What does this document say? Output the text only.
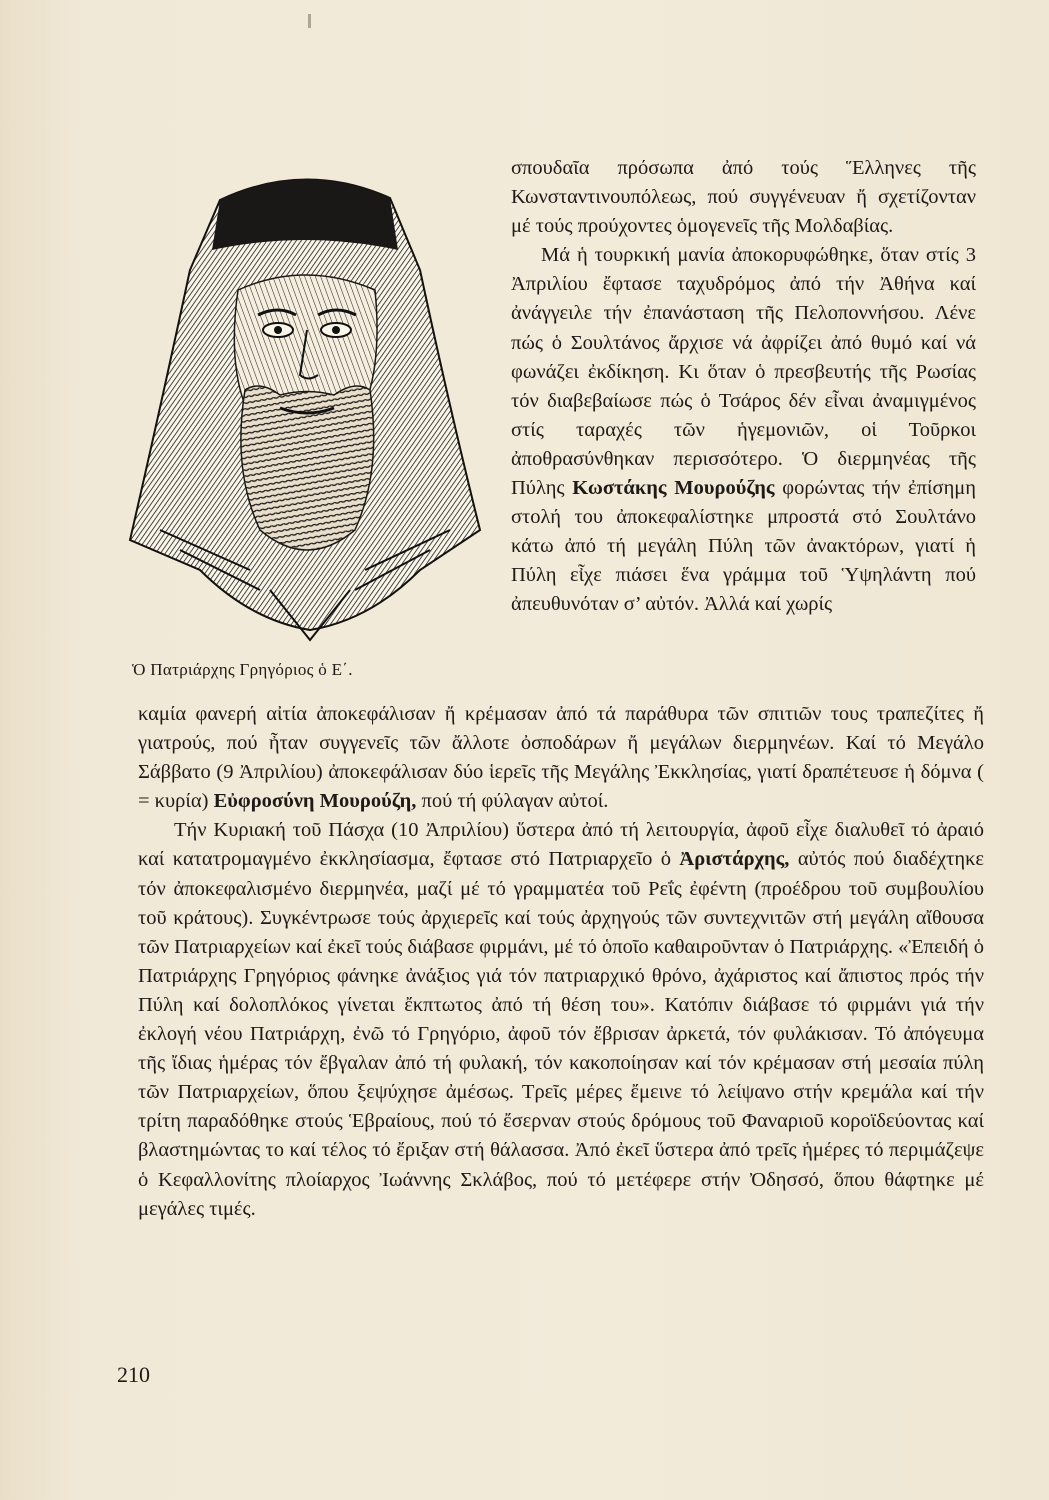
Ὁ Πατριάρχης Γρηγόριος ὁ Ε΄.

σπουδαῖα πρόσωπα ἀπό τούς Ἕλληνες τῆς Κωνσταντινουπόλεως, πού συγγένευαν ἤ σχετίζονταν μέ τούς προύχοντες ὁμογενεῖς τῆς Μολδαβίας.

Μά ἡ τουρκική μανία ἀποκορυφώθηκε, ὅταν στίς 3 Ἀπριλίου ἔφτασε ταχυδρόμος ἀπό τήν Ἀθήνα καί ἀνάγγειλε τήν ἐπανάσταση τῆς Πελοποννήσου. Λένε πώς ὁ Σουλτάνος ἄρχισε νά ἀφρίζει ἀπό θυμό καί νά φωνάζει ἐκδίκηση. Κι ὅταν ὁ πρεσβευτής τῆς Ρωσίας τόν διαβεβαίωσε πώς ὁ Τσάρος δέν εἶναι ἀναμιγμένος στίς ταραχές τῶν ἡγεμονιῶν, οἱ Τοῦρκοι ἀποθρασύνθηκαν περισσότερο. Ὁ διερμηνέας τῆς Πύλης Κωστάκης Μουρούζης φορώντας τήν ἐπίσημη στολή του ἀποκεφαλίστηκε μπροστά στό Σουλτάνο κάτω ἀπό τή μεγάλη Πύλη τῶν ἀνακτόρων, γιατί ἡ Πύλη εἶχε πιάσει ἕνα γράμμα τοῦ Ὑψηλάντη πού ἀπευθυνόταν σ’ αὐτόν. Ἀλλά καί χωρίς

καμία φανερή αἰτία ἀποκεφάλισαν ἤ κρέμασαν ἀπό τά παράθυρα τῶν σπιτιῶν τους τραπεζίτες ἤ γιατρούς, πού ἦταν συγγενεῖς τῶν ἄλλοτε ὀσποδάρων ἤ μεγάλων διερμηνέων. Καί τό Μεγάλο Σάββατο (9 Ἀπριλίου) ἀποκεφάλισαν δύο ἱερεῖς τῆς Μεγάλης Ἐκκλησίας, γιατί δραπέτευσε ἡ δόμνα ( = κυρία) Εὐφροσύνη Μουρούζη, πού τή φύλαγαν αὐτοί.

Τήν Κυριακή τοῦ Πάσχα (10 Ἀπριλίου) ὕστερα ἀπό τή λειτουργία, ἀφοῦ εἶχε διαλυθεῖ τό ἀραιό καί κατατρομαγμένο ἐκκλησίασμα, ἔφτασε στό Πατριαρχεῖο ὁ Ἀριστάρχης, αὐτός πού διαδέχτηκε τόν ἀποκεφαλισμένο διερμηνέα, μαζί μέ τό γραμματέα τοῦ Ρεΐς ἐφέντη (προέδρου τοῦ συμβουλίου τοῦ κράτους). Συγκέντρωσε τούς ἀρχιερεῖς καί τούς ἀρχηγούς τῶν συντεχνιτῶν στή μεγάλη αἴθουσα τῶν Πατριαρχείων καί ἐκεῖ τούς διάβασε φιρμάνι, μέ τό ὁποῖο καθαιροῦνταν ὁ Πατριάρχης. «Ἐπειδή ὁ Πατριάρχης Γρηγόριος φάνηκε ἀνάξιος γιά τόν πατριαρχικό θρόνο, ἀχάριστος καί ἄπιστος πρός τήν Πύλη καί δολοπλόκος γίνεται ἔκπτωτος ἀπό τή θέση του». Κατόπιν διάβασε τό φιρμάνι γιά τήν ἐκλογή νέου Πατριάρχη, ἐνῶ τό Γρηγόριο, ἀφοῦ τόν ἔβρισαν ἀρκετά, τόν φυλάκισαν. Τό ἀπόγευμα τῆς ἴδιας ἡμέρας τόν ἔβγαλαν ἀπό τή φυλακή, τόν κακοποίησαν καί τόν κρέμασαν στή μεσαία πύλη τῶν Πατριαρχείων, ὅπου ξεψύχησε ἀμέσως. Τρεῖς μέρες ἔμεινε τό λείψανο στήν κρεμάλα καί τήν τρίτη παραδόθηκε στούς Ἑβραίους, πού τό ἔσερναν στούς δρόμους τοῦ Φαναριοῦ κοροϊδεύοντας καί βλαστημώντας το καί τέλος τό ἔριξαν στή θάλασσα. Ἀπό ἐκεῖ ὕστερα ἀπό τρεῖς ἡμέρες τό περιμάζεψε ὁ Κεφαλλονίτης πλοίαρχος Ἰωάννης Σκλάβος, πού τό μετέφερε στήν Ὀδησσό, ὅπου θάφτηκε μέ μεγάλες τιμές.

210
